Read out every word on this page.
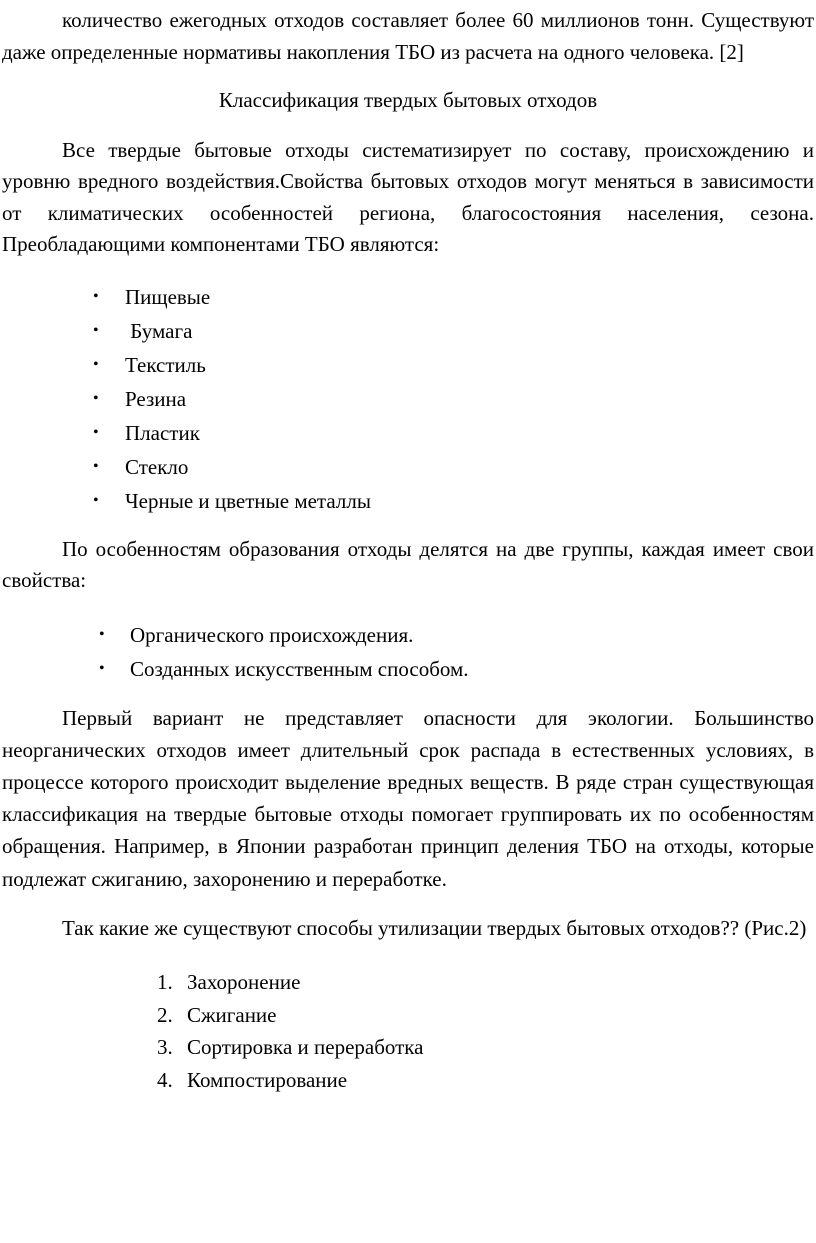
количество ежегодных отходов составляет более 60 миллионов тонн. Существуют даже определенные нормативы накопления ТБО из расчета на одного человека. [2]

Классификация твердых бытовых отходов

Все твердые бытовые отходы систематизирует по составу, происхождению и уровню вредного воздействия.Свойства бытовых отходов могут меняться в зависимости от климатических особенностей региона, благосостояния населения, сезона. Преобладающими компонентами ТБО являются:

• Пищевые
• Бумага
• Текстиль
• Резина
• Пластик
• Стекло
• Черные и цветные металлы

По особенностям образования отходы делятся на две группы, каждая имеет свои свойства:

• Органического происхождения.
• Созданных искусственным способом.

Первый вариант не представляет опасности для экологии. Большинство неорганических отходов имеет длительный срок распада в естественных условиях, в процессе которого происходит выделение вредных веществ. В ряде стран существующая классификация на твердые бытовые отходы помогает группировать их по особенностям обращения. Например, в Японии разработан принцип деления ТБО на отходы, которые подлежат сжиганию, захоронению и переработке.

Так какие же существуют способы утилизации твердых бытовых отходов?? (Рис.2)

1. Захоронение
2. Сжигание
3. Сортировка и переработка
4. Компостирование
